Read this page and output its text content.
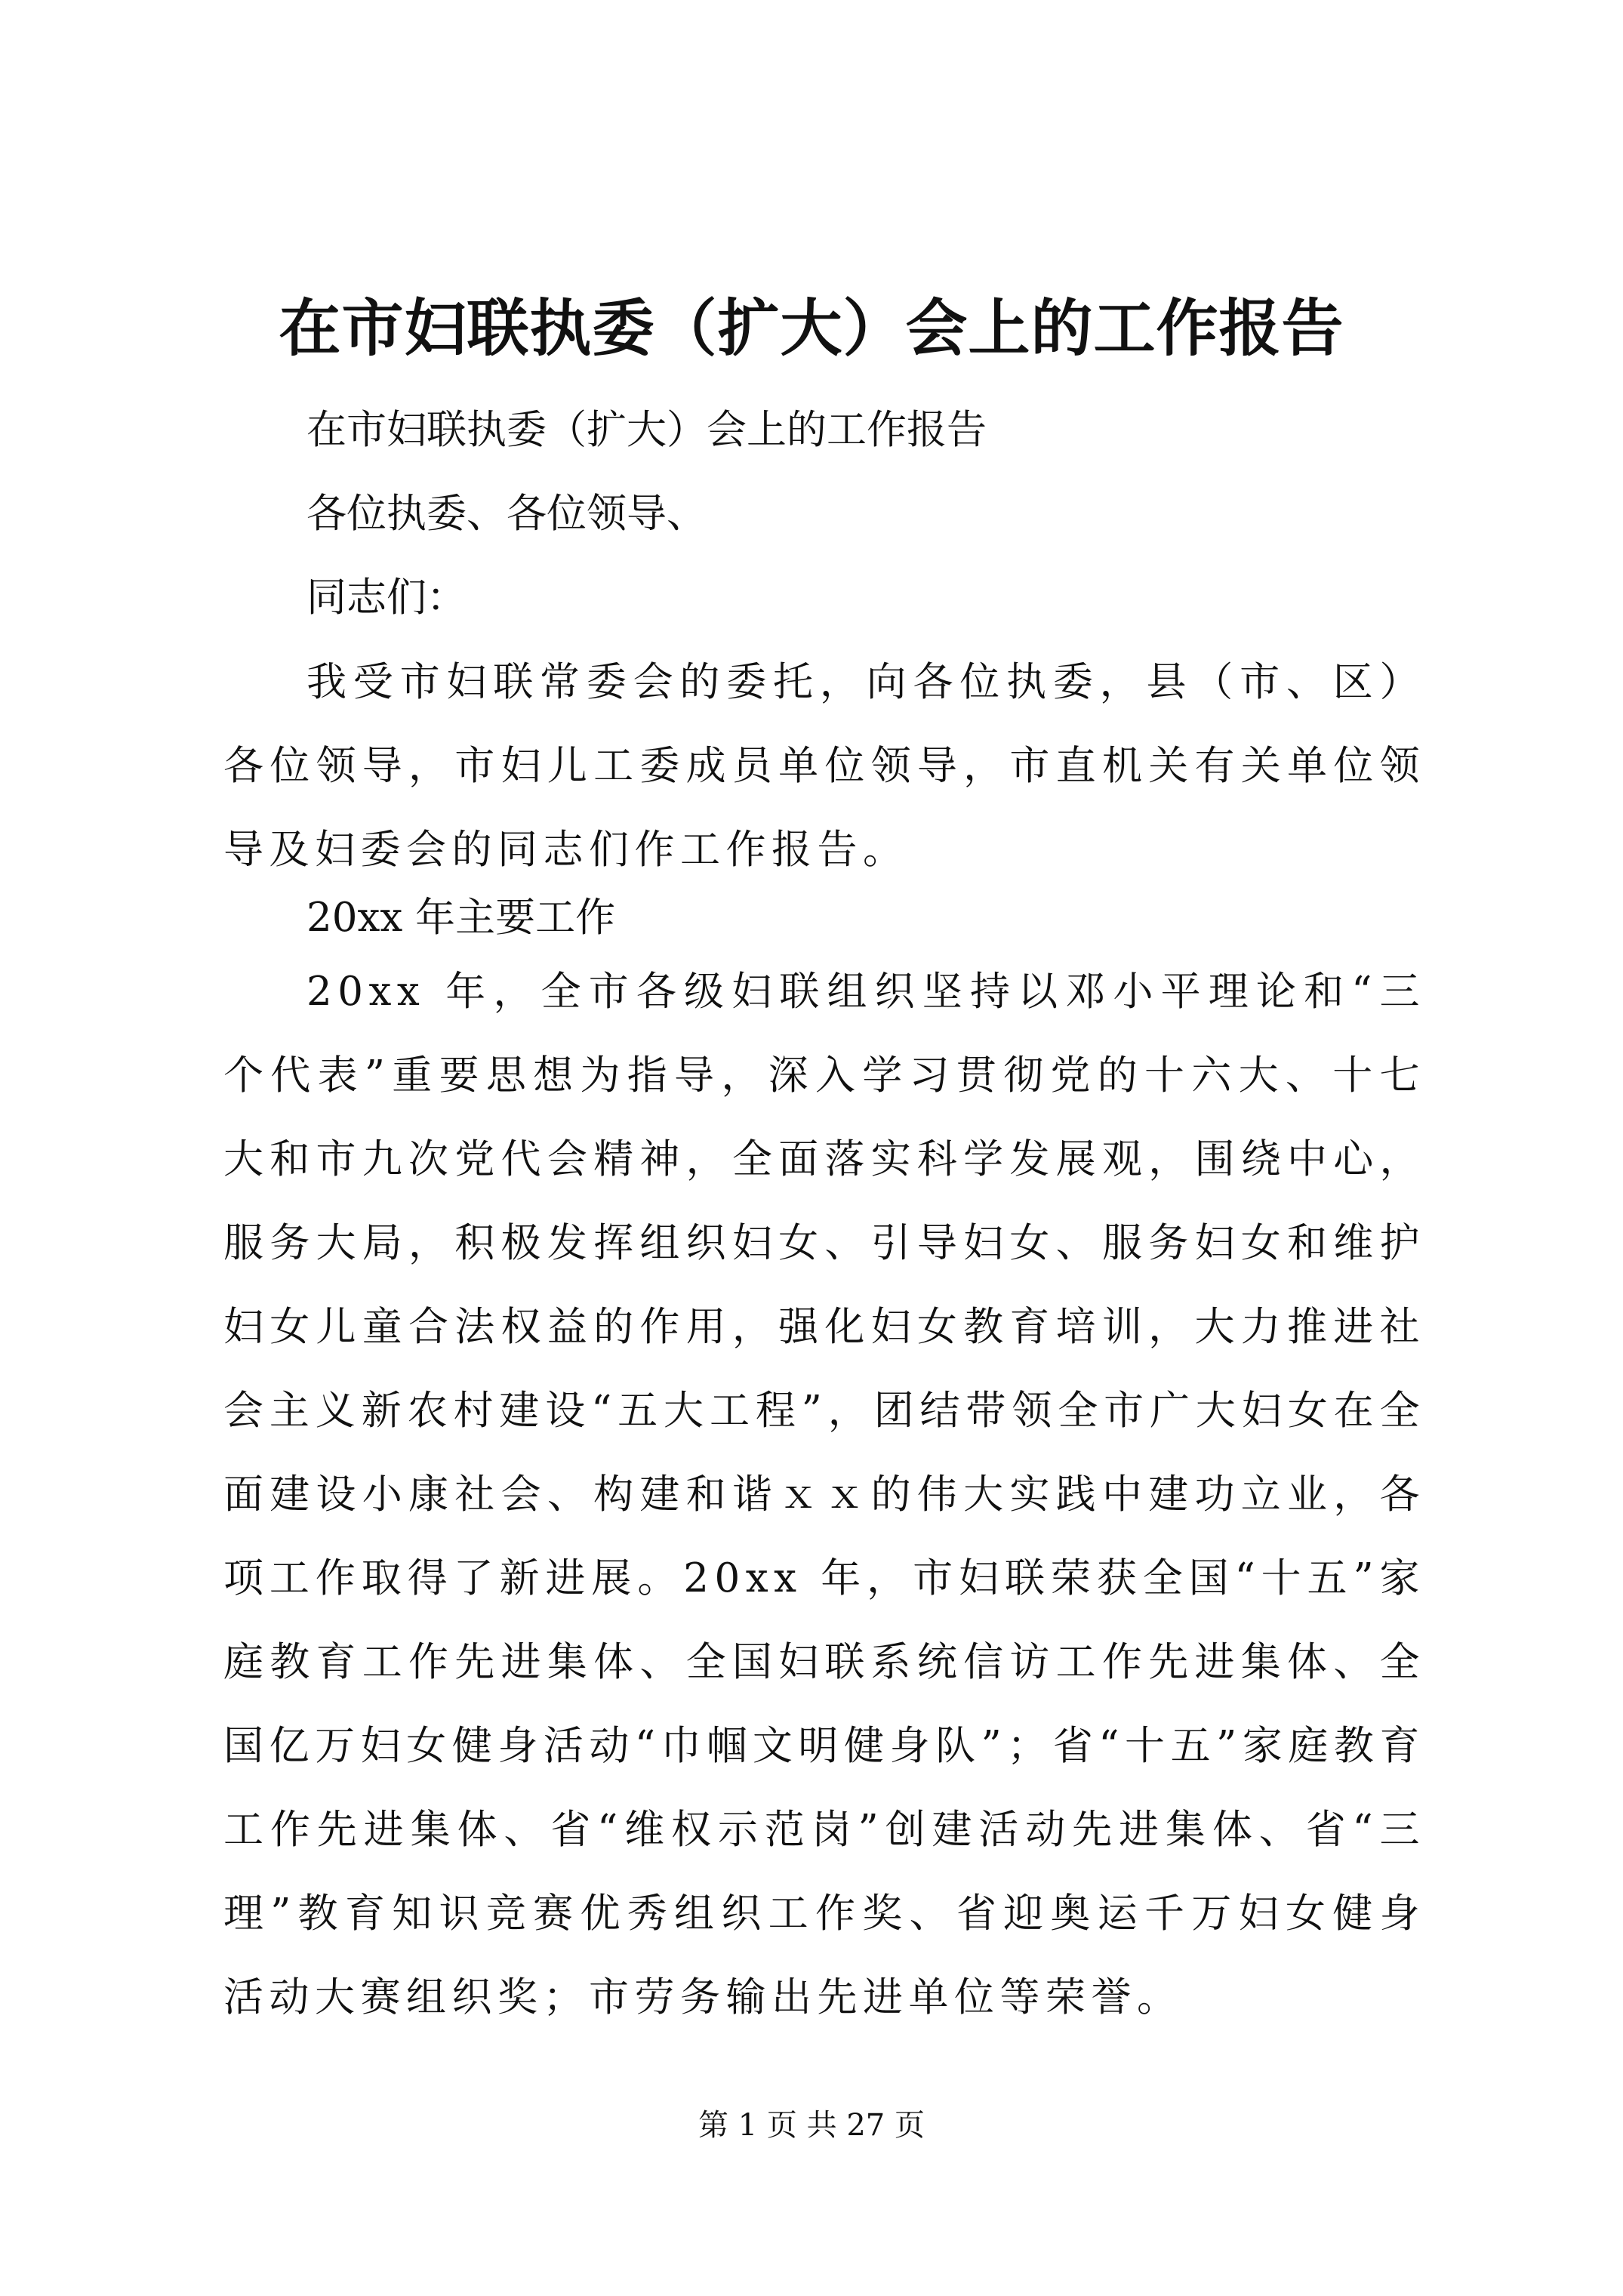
在市妇联执委（扩大）会上的工作报告
在市妇联执委（扩大）会上的工作报告
各位执委、各位领导、
同志们：

我受市妇联常委会的委托，向各位执委，县（市、区）各位领导，市妇儿工委成员单位领导，市直机关有关单位领导及妇委会的同志们作工作报告。

20xx 年主要工作

20xx 年，全市各级妇联组织坚持以邓小平理论和“三个代表”重要思想为指导，深入学习贯彻党的十六大、十七大和市九次党代会精神，全面落实科学发展观，围绕中心，服务大局，积极发挥组织妇女、引导妇女、服务妇女和维护妇女儿童合法权益的作用，强化妇女教育培训，大力推进社会主义新农村建设“五大工程”，团结带领全市广大妇女在全面建设小康社会、构建和谐ｘｘ的伟大实践中建功立业，各项工作取得了新进展。20xx 年，市妇联荣获全国“十五”家庭教育工作先进集体、全国妇联系统信访工作先进集体、全国亿万妇女健身活动“巾帼文明健身队”；省“十五”家庭教育工作先进集体、省“维权示范岗”创建活动先进集体、省“三理”教育知识竞赛优秀组织工作奖、省迎奥运千万妇女健身活动大赛组织奖；市劳务输出先进单位等荣誉。

第 1 页 共 27 页
